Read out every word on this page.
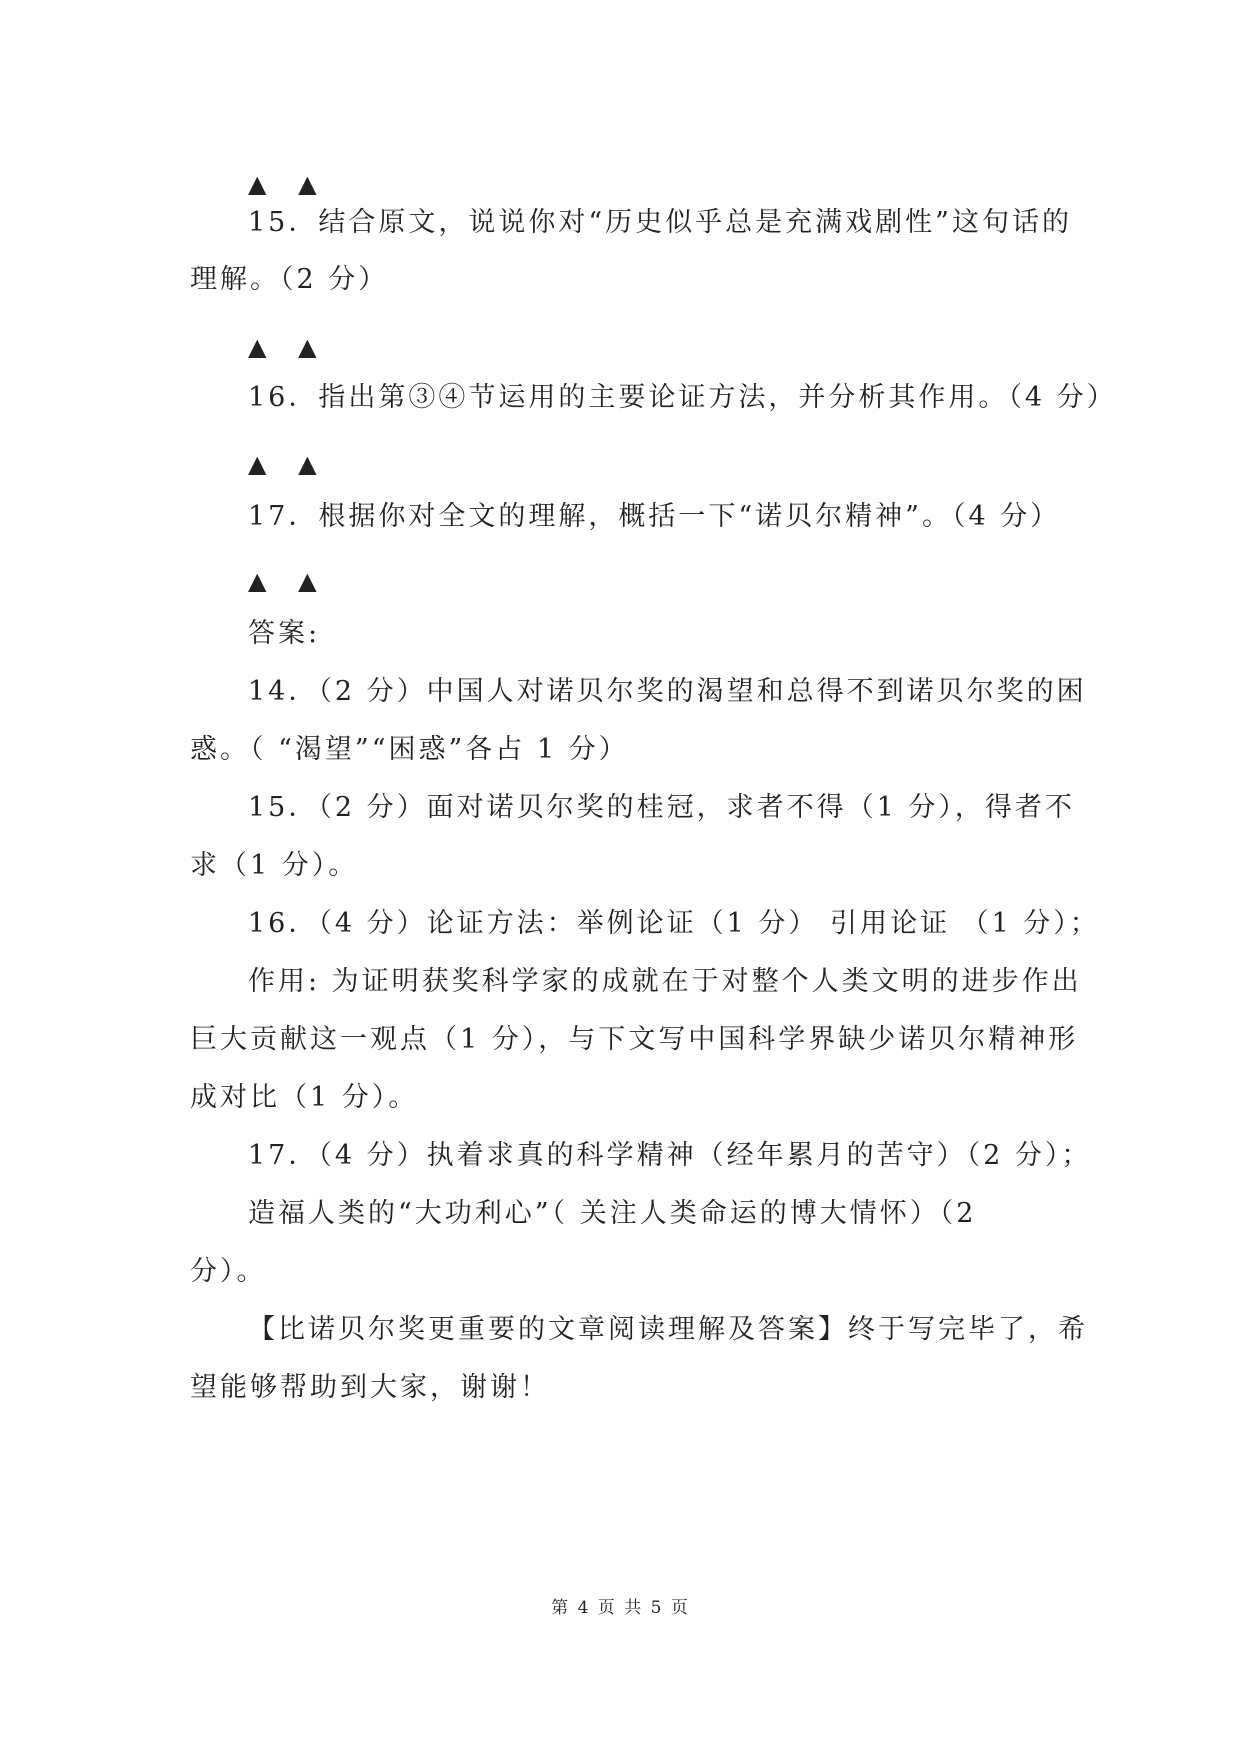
▲ ▲
15．结合原文，说说你对“历史似乎总是充满戏剧性”这句话的
理解。（2 分）
▲ ▲
16．指出第③④节运用的主要论证方法，并分析其作用。（4 分）
▲ ▲
17．根据你对全文的理解，概括一下“诺贝尔精神”。（4 分）
▲ ▲
答案:
14．（2 分）中国人对诺贝尔奖的渴望和总得不到诺贝尔奖的困
惑。（ “渴望”“困惑”各占 1 分）
15．（2 分）面对诺贝尔奖的桂冠，求者不得（1 分），得者不
求（1 分）。
16．（4 分）论证方法：举例论证（1 分） 引用论证 （1 分）；
作用: 为证明获奖科学家的成就在于对整个人类文明的进步作出
巨大贡献这一观点（1 分），与下文写中国科学界缺少诺贝尔精神形
成对比（1 分）。
17．（4 分）执着求真的科学精神（经年累月的苦守）（2 分）；
造福人类的“大功利心”（ 关注人类命运的博大情怀）（2
分）。
【比诺贝尔奖更重要的文章阅读理解及答案】终于写完毕了，希
望能够帮助到大家，谢谢！
第 4 页 共 5 页
